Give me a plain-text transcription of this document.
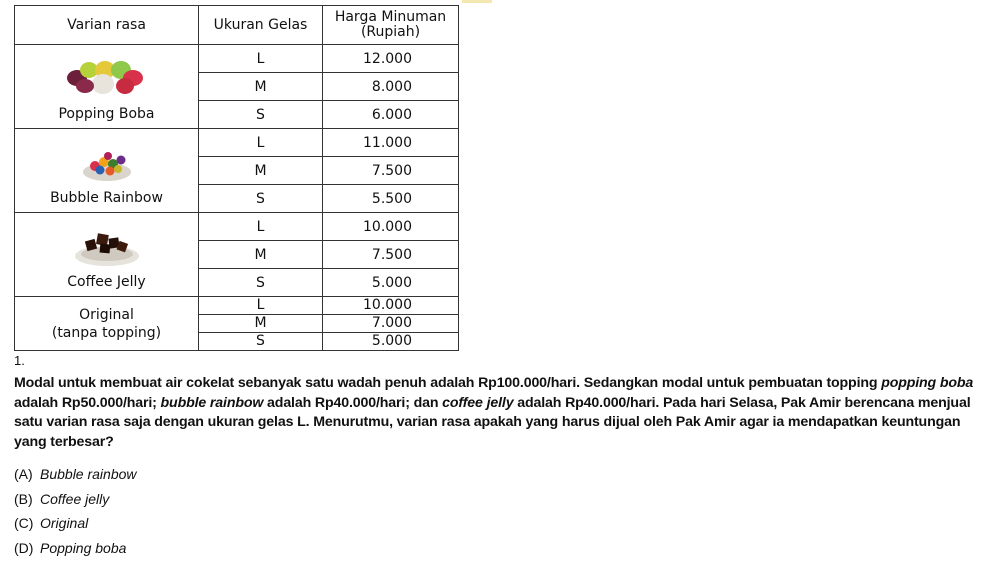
Varian rasa	Ukuran Gelas	Harga Minuman
(Rupiah)

Popping Boba	L	12.000
	M	8.000
	S	6.000

Bubble Rainbow	L	11.000
	M	7.500
	S	5.500

Coffee Jelly	L	10.000
	M	7.500
	S	5.000
Original
(tanpa topping)	L	10.000
	M	7.000
	S	5.000
1.
Modal untuk membuat air cokelat sebanyak satu wadah penuh adalah Rp100.000/hari. Sedangkan modal untuk pembuatan topping popping boba adalah Rp50.000/hari; bubble rainbow adalah Rp40.000/hari; dan coffee jelly adalah Rp40.000/hari. Pada hari Selasa, Pak Amir berencana menjual satu varian rasa saja dengan ukuran gelas L. Menurutmu, varian rasa apakah yang harus dijual oleh Pak Amir agar ia mendapatkan keuntungan yang terbesar?
(A) Bubble rainbow
(B) Coffee jelly
(C) Original
(D) Popping boba
